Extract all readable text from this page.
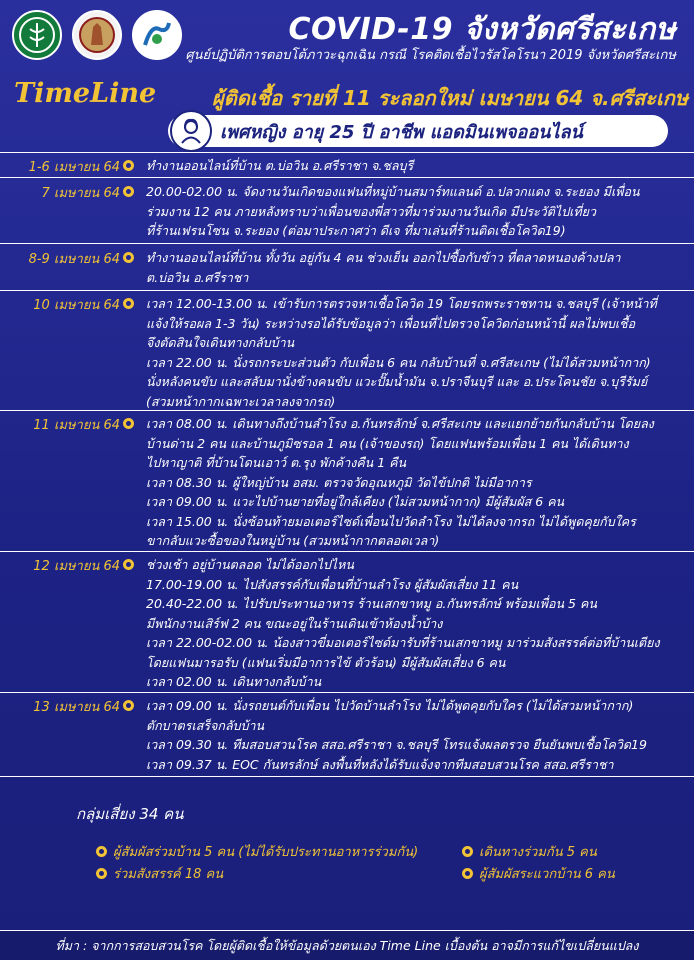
COVID-19 จังหวัดศรีสะเกษ
ศูนย์ปฏิบัติการตอบโต้ภาวะฉุกเฉิน กรณี โรคติดเชื้อไวรัสโคโรนา 2019 จังหวัดศรีสะเกษ
TimeLine	ผู้ติดเชื้อ รายที่ 11 ระลอกใหม่ เมษายน 64 จ.ศรีสะเกษ
เพศหญิง อายุ 25 ปี อาชีพ แอดมินเพจออนไลน์
1-6 เมษายน 64 ทำงานออนไลน์ที่บ้าน ต.บ่อวิน อ.ศรีราชา จ.ชลบุรี
7 เมษายน 64 20.00-02.00 น. จัดงานวันเกิดของแฟนที่หมู่บ้านสมาร์ทแลนด์ อ.ปลวกแดง จ.ระยอง มีเพื่อน
ร่วมงาน 12 คน ภายหลังทราบว่าเพื่อนของพี่สาวที่มาร่วมงานวันเกิด มีประวัติไปเที่ยว
ที่ร้านเฟรนโซน จ.ระยอง (ต่อมาประกาศว่า ดีเจ ที่มาเล่นที่ร้านติดเชื้อโควิด19)
8-9 เมษายน 64 ทำงานออนไลน์ที่บ้าน ทั้งวัน อยู่กัน 4 คน ช่วงเย็น ออกไปซื้อกับข้าว ที่ตลาดหนองค้างปลา
ต.บ่อวิน อ.ศรีราชา
10 เมษายน 64 เวลา 12.00-13.00 น. เข้ารับการตรวจหาเชื้อโควิด 19 โดยรถพระราชทาน จ.ชลบุรี (เจ้าหน้าที่
แจ้งให้รอผล 1-3 วัน) ระหว่างรอได้รับข้อมูลว่า เพื่อนที่ไปตรวจโควิดก่อนหน้านี้ ผลไม่พบเชื้อ
จึงตัดสินใจเดินทางกลับบ้าน
เวลา 22.00 น. นั่งรถกระบะส่วนตัว กับเพื่อน 6 คน กลับบ้านที่ จ.ศรีสะเกษ (ไม่ได้สวมหน้ากาก)
นั่งหลังคนขับ และสลับมานั่งข้างคนขับ แวะปั๊มน้ำมัน จ.ปราจีนบุรี และ อ.ประโคนชัย จ.บุรีรัมย์
(สวมหน้ากากเฉพาะเวลาลงจากรถ)
11 เมษายน 64 เวลา 08.00 น. เดินทางถึงบ้านลำโรง อ.กันทรลักษ์ จ.ศรีสะเกษ และแยกย้ายกันกลับบ้าน โดยลง
บ้านด่าน 2 คน และบ้านภูมิซรอล 1 คน (เจ้าของรถ) โดยแฟนพร้อมเพื่อน 1 คน ได้เดินทาง
ไปหาญาติ ที่บ้านโดนเอาว์ ต.รุง พักค้างคืน 1 คืน
เวลา 08.30 น. ผู้ใหญ่บ้าน อสม. ตรวจวัดอุณหภูมิ วัดไข้ปกติ ไม่มีอาการ
เวลา 09.00 น. แวะไปบ้านยายที่อยู่ใกล้เคียง (ไม่สวมหน้ากาก) มีผู้สัมผัส 6 คน
เวลา 15.00 น. นั่งซ้อนท้ายมอเตอร์ไซด์เพื่อนไปวัดลำโรง ไม่ได้ลงจากรถ ไม่ได้พูดคุยกับใคร
ขากลับแวะซื้อของในหมู่บ้าน (สวมหน้ากากตลอดเวลา)
12 เมษายน 64 ช่วงเช้า อยู่บ้านตลอด ไม่ได้ออกไปไหน
17.00-19.00 น. ไปสังสรรค์กับเพื่อนที่บ้านลำโรง ผู้สัมผัสเสี่ยง 11 คน
20.40-22.00 น. ไปรับประทานอาหาร ร้านเสกขาหมู อ.กันทรลักษ์ พร้อมเพื่อน 5 คน
มีพนักงานเสิร์ฟ 2 คน ขณะอยู่ในร้านเดินเข้าห้องน้ำบ้าง
เวลา 22.00-02.00 น. น้องสาวขี่มอเตอร์ไซด์มารับที่ร้านเสกขาหมู มาร่วมสังสรรค์ต่อที่บ้านเตียง
โดยแฟนมารอรับ (แฟนเริ่มมีอาการไข้ ตัวร้อน) มีผู้สัมผัสเสี่ยง 6 คน
เวลา 02.00 น. เดินทางกลับบ้าน
13 เมษายน 64 เวลา 09.00 น. นั่งรถยนต์กับเพื่อน ไปวัดบ้านลำโรง ไม่ได้พูดคุยกับใคร (ไม่ได้สวมหน้ากาก)
ตักบาตรเสร็จกลับบ้าน
เวลา 09.30 น. ทีมสอบสวนโรค สสอ.ศรีราชา จ.ชลบุรี โทรแจ้งผลตรวจ ยืนยันพบเชื้อโควิด19
เวลา 09.37 น. EOC กันทรลักษ์ ลงพื้นที่หลังได้รับแจ้งจากทีมสอบสวนโรค สสอ.ศรีราชา
กลุ่มเสี่ยง 34 คน
ผู้สัมผัสร่วมบ้าน 5 คน (ไม่ได้รับประทานอาหารร่วมกัน)	เดินทางร่วมกัน 5 คน
ร่วมสังสรรค์ 18 คน	ผู้สัมผัสระแวกบ้าน 6 คน
ที่มา : จากการสอบสวนโรค โดยผู้ติดเชื้อให้ข้อมูลด้วยตนเอง Time Line เบื้องต้น อาจมีการแก้ไขเปลี่ยนแปลง
